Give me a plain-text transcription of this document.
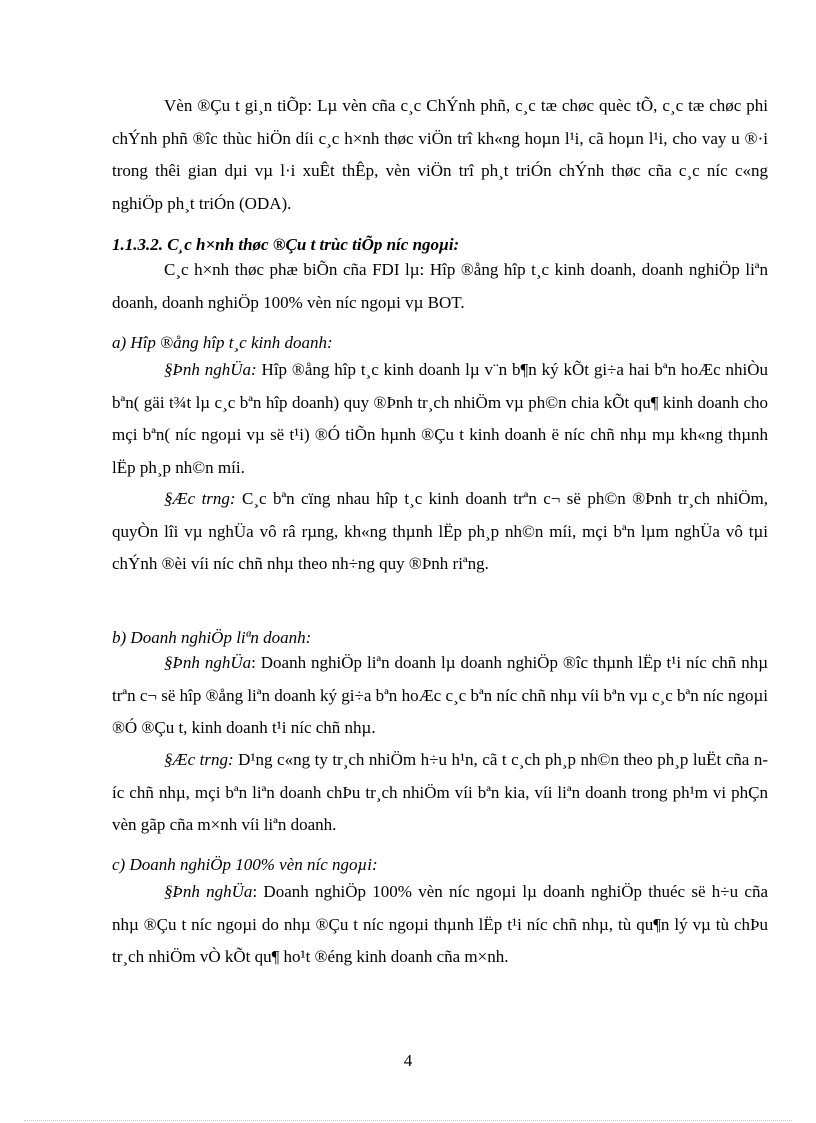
Vèn ®Çu t gi¸n tiÕp: Lµ vèn cña c¸c ChÝnh phñ, c¸c tæ chøc quèc tÕ, c¸c tæ chøc phi chÝnh phñ ®îc thùc hiÖn díi c¸c h×nh thøc viÖn trî kh«ng hoµn l¹i, cã hoµn l¹i, cho vay u ®·i trong thêi gian dµi vµ l·i xuÊt thÊp, vèn viÖn trî ph¸t triÓn chÝnh thøc cña c¸c níc c«ng nghiÖp ph¸t triÓn (ODA).

1.1.3.2. C¸c h×nh thøc ®Çu t trùc tiÕp níc ngoµi:

C¸c h×nh thøc phæ biÕn cña FDI lµ: Hîp ®ång hîp t¸c kinh doanh, doanh nghiÖp liªn doanh, doanh nghiÖp 100% vèn níc ngoµi vµ BOT.

a) Hîp ®ång hîp t¸c kinh doanh:

§Þnh nghÜa: Hîp ®ång hîp t¸c kinh doanh lµ v¨n b¶n ký kÕt gi÷a hai bªn hoÆc nhiÒu bªn( gäi t¾t lµ c¸c bªn hîp doanh) quy ®Þnh tr¸ch nhiÖm vµ ph©n chia kÕt qu¶ kinh doanh cho mçi bªn( níc ngoµi vµ së t¹i) ®Ó tiÕn hµnh ®Çu t kinh doanh ë níc chñ nhµ mµ kh«ng thµnh lËp ph¸p nh©n míi.

§Æc trng: C¸c bªn cïng nhau hîp t¸c kinh doanh trªn c¬ së ph©n ®Þnh tr¸ch nhiÖm, quyÒn lîi vµ nghÜa vô râ rµng, kh«ng thµnh lËp ph¸p nh©n míi, mçi bªn lµm nghÜa vô tµi chÝnh ®èi víi níc chñ nhµ theo nh÷ng quy ®Þnh riªng.

b) Doanh nghiÖp liªn doanh:

§Þnh nghÜa: Doanh nghiÖp liªn doanh lµ doanh nghiÖp ®îc thµnh lËp t¹i níc chñ nhµ trªn c¬ së hîp ®ång liªn doanh ký gi÷a bªn hoÆc c¸c bªn níc chñ nhµ víi bªn vµ c¸c bªn níc ngoµi ®Ó ®Çu t, kinh doanh t¹i níc chñ nhµ.

§Æc trng: D¹ng c«ng ty tr¸ch nhiÖm h÷u h¹n, cã t c¸ch ph¸p nh©n theo ph¸p luËt cña níc chñ nhµ, mçi bªn liªn doanh chÞu tr¸ch nhiÖm víi bªn kia, víi liªn doanh trong ph¹m vi phÇn vèn gãp cña m×nh víi liªn doanh.

c) Doanh nghiÖp 100% vèn níc ngoµi:

§Þnh nghÜa: Doanh nghiÖp 100% vèn níc ngoµi lµ doanh nghiÖp thuéc së h÷u cña nhµ ®Çu t níc ngoµi do nhµ ®Çu t níc ngoµi thµnh lËp t¹i níc chñ nhµ, tù qu¶n lý vµ tù chÞu tr¸ch nhiÖm vÒ kÕt qu¶ ho¹t ®éng kinh doanh cña m×nh.

4
